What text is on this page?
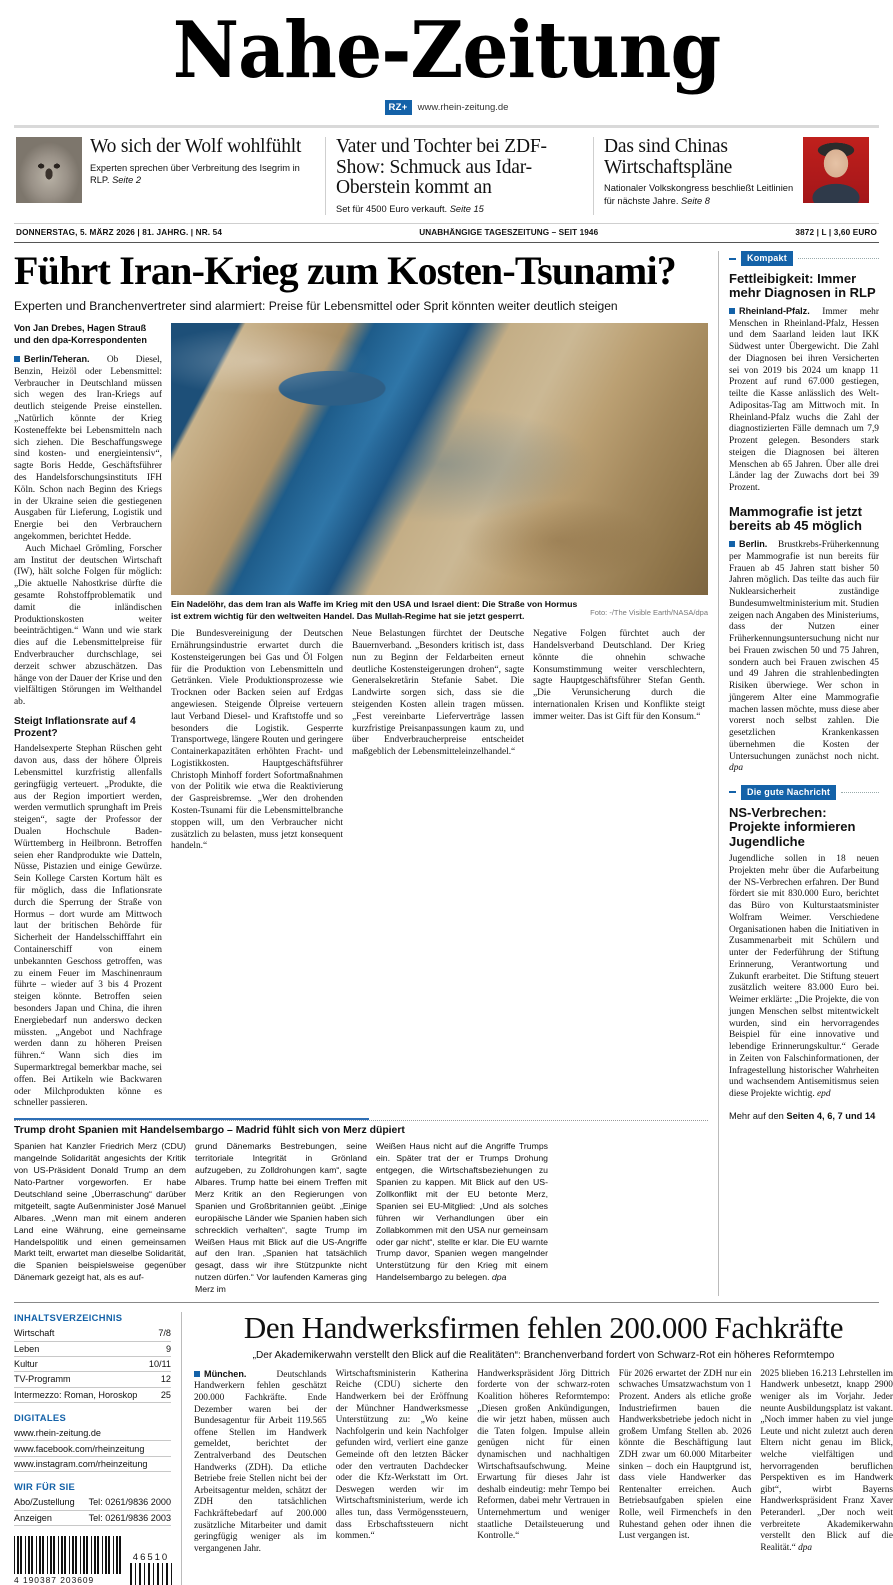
Nahe-Zeitung
RZ+	www.rhein-zeitung.de
Wo sich der Wolf wohlfühlt
Experten sprechen über Verbreitung des Isegrim in RLP. Seite 2
Vater und Tochter bei ZDF-Show: Schmuck aus Idar-Oberstein kommt an
Set für 4500 Euro verkauft. Seite 15
Das sind Chinas Wirtschaftspläne
Nationaler Volkskongress beschließt Leitlinien für nächste Jahre. Seite 8
DONNERSTAG, 5. MÄRZ 2026 | 81. JAHRG. | NR. 54	UNABHÄNGIGE TAGESZEITUNG – SEIT 1946	3872 | L | 3,60 EURO
Führt Iran-Krieg zum Kosten-Tsunami?
Experten und Branchenvertreter sind alarmiert: Preise für Lebensmittel oder Sprit könnten weiter deutlich steigen
Von Jan Drebes, Hagen Strauß und den dpa-Korrespondenten

Berlin/Teheran. Ob Diesel, Benzin, Heizöl oder Lebensmittel: Verbraucher in Deutschland müssen sich wegen des Iran-Kriegs auf deutlich steigende Preise einstellen. „Natürlich könnte der Krieg Kosteneffekte bei Lebensmitteln nach sich ziehen. Die Beschaffungswege sind kosten- und energieintensiv“, sagte Boris Hedde, Geschäftsführer des Handelsforschungsinstituts IFH Köln. Schon nach Beginn des Kriegs in der Ukraine seien die gestiegenen Ausgaben für Lieferung, Logistik und Energie bei den Verbrauchern angekommen, berichtet Hedde.

Auch Michael Grömling, Forscher am Institut der deutschen Wirtschaft (IW), hält solche Folgen für möglich: „Die aktuelle Nahostkrise dürfte die gesamte Rohstoffproblematik und damit die inländischen Produktionskosten weiter beeinträchtigen.“ Wann und wie stark dies auf die Lebensmittelpreise für Endverbraucher durchschlage, sei derzeit schwer abzuschätzen. Das hänge von der Dauer der Krise und den vielfältigen Störungen im Welthandel ab.

Steigt Inflationsrate auf 4 Prozent?

Handelsexperte Stephan Rüschen geht davon aus, dass der höhere Ölpreis Lebensmittel kurzfristig allenfalls geringfügig verteuert. „Produkte, die aus der Region importiert werden, werden vermutlich sprunghaft im Preis steigen“, sagte der Professor der Dualen Hochschule Baden-Württemberg in Heilbronn. Betroffen seien eher Randprodukte wie Datteln, Nüsse, Pistazien und einige Gewürze. Sein Kollege Carsten Kortum hält es für möglich, dass die Inflationsrate durch die Sperrung der Straße von Hormus – dort wurde am Mittwoch laut der britischen Behörde für Sicherheit der Handelsschifffahrt ein Containerschiff von einem unbekannten Geschoss getroffen, was zu einem Feuer im Maschinenraum führte – wieder auf 3 bis 4 Prozent steigen könnte. Betroffen seien besonders Japan und China, die ihren Energiebedarf nun anderswo decken müssten. „Angebot und Nachfrage werden dann zu höheren Preisen führen.“ Wann sich dies im Supermarktregal bemerkbar mache, sei offen. Bei Artikeln wie Backwaren oder Milchprodukten könne es schneller passieren.

Ein Nadelöhr, das dem Iran als Waffe im Krieg mit den USA und Israel dient: Die Straße von Hormus ist extrem wichtig für den weltweiten Handel. Das Mullah-Regime hat sie jetzt gesperrt.	Foto: -/The Visible Earth/NASA/dpa

Die Bundesvereinigung der Deutschen Ernährungsindustrie erwartet durch die Kostensteigerungen bei Gas und Öl Folgen für die Produktion von Lebensmitteln und Getränken. Viele Produktionsprozesse wie Trocknen oder Backen seien auf Erdgas angewiesen. Steigende Ölpreise verteuern laut Verband Diesel- und Kraftstoffe und so besonders die Logistik. Gesperrte Transportwege, längere Routen und geringere Containerkapazitäten erhöhten Fracht- und Logistikkosten. Hauptgeschäftsführer Christoph Minhoff fordert Sofortmaßnahmen von der Politik wie etwa die Reaktivierung der Gaspreisbremse. „Wer den drohenden Kosten-Tsunami für die Lebensmittelbranche stoppen will, um den Verbraucher nicht zusätzlich zu belasten, muss jetzt konsequent handeln.“

Neue Belastungen fürchtet der Deutsche Bauernverband. „Besonders kritisch ist, dass nun zu Beginn der Feldarbeiten erneut deutliche Kostensteigerungen drohen“, sagte Generalsekretärin Stefanie Sabet. Die Landwirte sorgen sich, dass sie die steigenden Kosten allein tragen müssen. „Fest vereinbarte Lieferverträge lassen kurzfristige Preisanpassungen kaum zu, und über Endverbraucherpreise entscheidet maßgeblich der Lebensmitteleinzelhandel.“

Negative Folgen fürchtet auch der Handelsverband Deutschland. Der Krieg könnte die ohnehin schwache Konsumstimmung weiter verschlechtern, sagte Hauptgeschäftsführer Stefan Genth. „Die Verunsicherung durch die internationalen Krisen und Konflikte steigt immer weiter. Das ist Gift für den Konsum.“

Trump droht Spanien mit Handelsembargo – Madrid fühlt sich von Merz düpiert
Spanien hat Kanzler Friedrich Merz (CDU) mangelnde Solidarität angesichts der Kritik von US-Präsident Donald Trump an dem Nato-Partner vorgeworfen. Er habe Deutschland seine „Überraschung“ darüber mitgeteilt, sagte Außenminister José Manuel Albares. „Wenn man mit einem anderen Land eine Währung, eine gemeinsame Handelspolitik und einen gemeinsamen Markt teilt, erwartet man dieselbe Solidarität, die Spanien beispielsweise gegenüber Dänemark gezeigt hat, als es auf-
grund Dänemarks Bestrebungen, seine territoriale Integrität in Grönland aufzugeben, zu Zolldrohungen kam“, sagte Albares. Trump hatte bei einem Treffen mit Merz Kritik an den Regierungen von Spanien und Großbritannien geübt. „Einige europäische Länder wie Spanien haben sich schrecklich verhalten“, sagte Trump im Weißen Haus mit Blick auf die US-Angriffe auf den Iran. „Spanien hat tatsächlich gesagt, dass wir ihre Stützpunkte nicht nutzen dürfen.“ Vor laufenden Kameras ging Merz im
Weißen Haus nicht auf die Angriffe Trumps ein. Später trat der er Trumps Drohung entgegen, die Wirtschaftsbeziehungen zu Spanien zu kappen. Mit Blick auf den US-Zollkonflikt mit der EU betonte Merz, Spanien sei EU-Mitglied: „Und als solches führen wir Verhandlungen über ein Zollabkommen mit den USA nur gemeinsam oder gar nicht“, stellte er klar. Die EU warnte Trump davor, Spanien wegen mangelnder Unterstützung für den Krieg mit einem Handelsembargo zu belegen. dpa
Kompakt
Fettleibigkeit: Immer mehr Diagnosen in RLP
Rheinland-Pfalz. Immer mehr Menschen in Rheinland-Pfalz, Hessen und dem Saarland leiden laut IKK Südwest unter Übergewicht. Die Zahl der Diagnosen bei ihren Versicherten sei von 2019 bis 2024 um knapp 11 Prozent auf rund 67.000 gestiegen, teilte die Kasse anlässlich des Welt-Adipositas-Tag am Mittwoch mit. In Rheinland-Pfalz wuchs die Zahl der diagnostizierten Fälle demnach um 7,9 Prozent gelegen. Besonders stark steigen die Diagnosen bei älteren Menschen ab 65 Jahren. Über alle drei Länder lag der Zuwachs dort bei 39 Prozent.
Mammografie ist jetzt bereits ab 45 möglich
Berlin. Brustkrebs-Früherkennung per Mammografie ist nun bereits für Frauen ab 45 Jahren statt bisher 50 Jahren möglich. Das teilte das auch für Nuklearsicherheit zuständige Bundesumweltministerium mit. Studien zeigen nach Angaben des Ministeriums, dass der Nutzen einer Früherkennungsuntersuchung nicht nur bei Frauen zwischen 50 und 75 Jahren, sondern auch bei Frauen zwischen 45 und 49 Jahren die strahlenbedingten Risiken überwiege. Wer schon in jüngerem Alter eine Mammografie machen lassen möchte, muss diese aber vorerst noch selbst zahlen. Die gesetzlichen Krankenkassen übernehmen die Kosten der Untersuchungen zunächst noch nicht. dpa
Die gute Nachricht
NS-Verbrechen: Projekte informieren Jugendliche
Jugendliche sollen in 18 neuen Projekten mehr über die Aufarbeitung der NS-Verbrechen erfahren. Der Bund fördert sie mit 830.000 Euro, berichtet das Büro von Kulturstaatsminister Wolfram Weimer. Verschiedene Organisationen haben die Initiativen in Zusammenarbeit mit Schülern und unter der Federführung der Stiftung Erinnerung, Verantwortung und Zukunft erarbeitet. Die Stiftung steuert zusätzlich weitere 83.000 Euro bei. Weimer erklärte: „Die Projekte, die von jungen Menschen selbst mitentwickelt wurden, sind ein hervorragendes Beispiel für eine innovative und lebendige Erinnerungskultur.“ Gerade in Zeiten von Falschinformationen, der Infragestellung historischer Wahrheiten und wachsendem Antisemitismus seien diese Projekte wichtig. epd
Mehr auf den Seiten 4, 6, 7 und 14
INHALTSVERZEICHNIS
Wirtschaft	7/8
Leben	9
Kultur	10/11
TV-Programm	12
Intermezzo: Roman, Horoskop	25
DIGITALES
www.rhein-zeitung.de
www.facebook.com/rheinzeitung
www.instagram.com/rheinzeitung
WIR FÜR SIE
Abo/Zustellung Tel: 0261/9836 2000
Anzeigen	Tel: 0261/9836 2003
4 190387 203609
46510
Den Handwerksfirmen fehlen 200.000 Fachkräfte
„Der Akademikerwahn verstellt den Blick auf die Realitäten“: Branchenverband fordert von Schwarz-Rot ein höheres Reformtempo

München. Deutschlands Handwerkern fehlen geschätzt 200.000 Fachkräfte. Ende Dezember waren bei der Bundesagentur für Arbeit 119.565 offene Stellen im Handwerk gemeldet, berichtet der Zentralverband des Deutschen Handwerks (ZDH). Da etliche Betriebe freie Stellen nicht bei der Arbeitsagentur melden, schätzt der ZDH den tatsächlichen Fachkräftebedarf auf 200.000 zusätzliche Mitarbeiter und damit geringfügig weniger als im vergangenen Jahr.

Wirtschaftsministerin Katherina Reiche (CDU) sicherte den Handwerkern bei der Eröffnung der Münchner Handwerksmesse Unterstützung zu: „Wo keine Nachfolgerin und kein Nachfolger gefunden wird, verliert eine ganze Gemeinde oft den letzten Bäcker oder den vertrauten Dachdecker oder die Kfz-Werkstatt im Ort. Deswegen werden wir im Wirtschaftsministerium, werde ich alles tun, dass Vermögenssteuern, dass Erbschaftssteuern nicht kommen.“

Handwerkspräsident Jörg Dittrich forderte von der schwarz-roten Koalition höheres Reformtempo: „Diesen großen Ankündigungen, die wir jetzt haben, müssen auch die Taten folgen. Impulse allein genügen nicht für einen dynamischen und nachhaltigen Wirtschaftsaufschwung. Meine Erwartung für dieses Jahr ist deshalb eindeutig: mehr Tempo bei Reformen, dabei mehr Vertrauen in Unternehmertum und weniger staatliche Detailsteuerung und Kontrolle.“

Für 2026 erwartet der ZDH nur ein schwaches Umsatzwachstum von 1 Prozent. Anders als etliche große Industriefirmen bauen die Handwerksbetriebe jedoch nicht in großem Umfang Stellen ab. 2026 könnte die Beschäftigung laut ZDH zwar um 60.000 Mitarbeiter sinken – doch ein Hauptgrund ist, dass viele Handwerker das Rentenalter erreichen. Auch Betriebsaufgaben spielen eine Rolle, weil Firmenchefs in den Ruhestand gehen oder ihnen die Lust vergangen ist.

2025 blieben 16.213 Lehrstellen im Handwerk unbesetzt, knapp 2900 weniger als im Vorjahr. Jeder neunte Ausbildungsplatz ist vakant. „Noch immer haben zu viel junge Leute und nicht zuletzt auch deren Eltern nicht genau im Blick, welche vielfältigen und hervorragenden beruflichen Perspektiven es im Handwerk gibt“, wirbt Bayerns Handwerkspräsident Franz Xaver Peteranderl. „Der noch weit verbreitete Akademikerwahn verstellt den Blick auf die Realität.“ dpa
